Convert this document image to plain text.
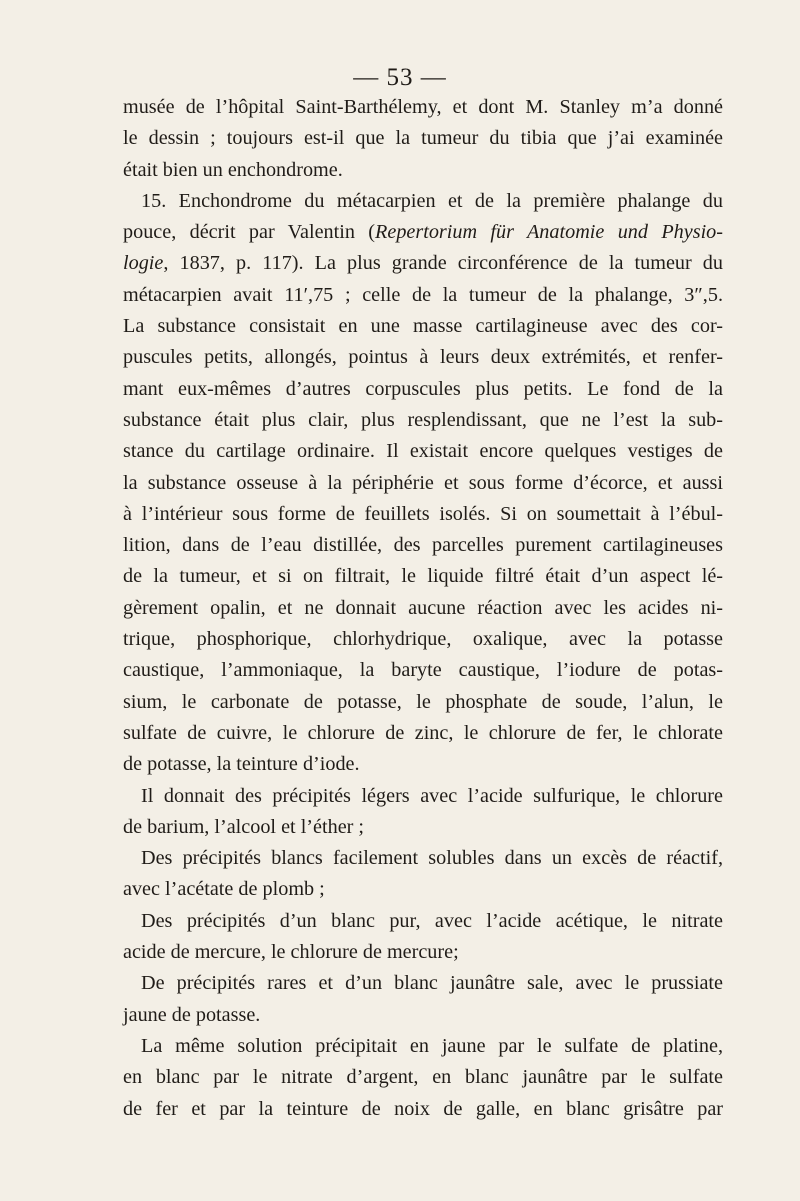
— 53 —
musée de l’hôpital Saint-Barthélemy, et dont M. Stanley m’a donné
le dessin ; toujours est-il que la tumeur du tibia que j’ai examinée
était bien un enchondrome.
15. Enchondrome du métacarpien et de la première phalange du
pouce, décrit par Valentin (Repertorium für Anatomie und Physio-
logie, 1837, p. 117). La plus grande circonférence de la tumeur du
métacarpien avait 11′,75 ; celle de la tumeur de la phalange, 3″,5.
La substance consistait en une masse cartilagineuse avec des cor-
puscules petits, allongés, pointus à leurs deux extrémités, et renfer-
mant eux-mêmes d’autres corpuscules plus petits. Le fond de la
substance était plus clair, plus resplendissant, que ne l’est la sub-
stance du cartilage ordinaire. Il existait encore quelques vestiges de
la substance osseuse à la périphérie et sous forme d’écorce, et aussi
à l’intérieur sous forme de feuillets isolés. Si on soumettait à l’ébul-
lition, dans de l’eau distillée, des parcelles purement cartilagineuses
de la tumeur, et si on filtrait, le liquide filtré était d’un aspect lé-
gèrement opalin, et ne donnait aucune réaction avec les acides ni-
trique, phosphorique, chlorhydrique, oxalique, avec la potasse
caustique, l’ammoniaque, la baryte caustique, l’iodure de potas-
sium, le carbonate de potasse, le phosphate de soude, l’alun, le
sulfate de cuivre, le chlorure de zinc, le chlorure de fer, le chlorate
de potasse, la teinture d’iode.
Il donnait des précipités légers avec l’acide sulfurique, le chlorure
de barium, l’alcool et l’éther ;
Des précipités blancs facilement solubles dans un excès de réactif,
avec l’acétate de plomb ;
Des précipités d’un blanc pur, avec l’acide acétique, le nitrate
acide de mercure, le chlorure de mercure;
De précipités rares et d’un blanc jaunâtre sale, avec le prussiate
jaune de potasse.
La même solution précipitait en jaune par le sulfate de platine,
en blanc par le nitrate d’argent, en blanc jaunâtre par le sulfate
de fer et par la teinture de noix de galle, en blanc grisâtre par
